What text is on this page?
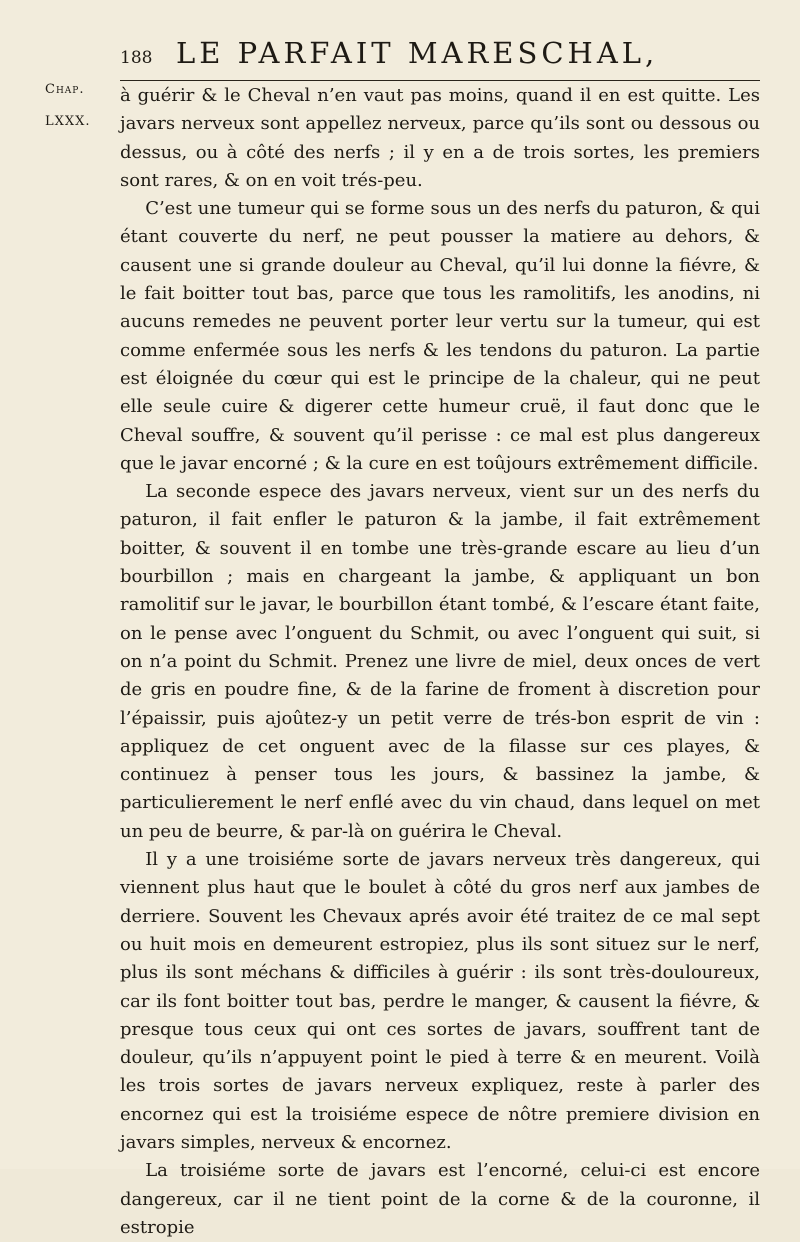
188 LE PARFAIT MARESCHAL,
Chap.
LXXX.

à guérir & le Cheval n’en vaut pas moins, quand il en est quitte. Les javars nerveux sont appellez nerveux, parce qu’ils sont ou dessous ou dessus, ou à côté des nerfs ; il y en a de trois sortes, les premiers sont rares, & on en voit trés-peu.

C’est une tumeur qui se forme sous un des nerfs du paturon, & qui étant couverte du nerf, ne peut pousser la matiere au dehors, & causent une si grande douleur au Cheval, qu’il lui donne la fiévre, & le fait boitter tout bas, parce que tous les ramolitifs, les anodins, ni aucuns remedes ne peuvent porter leur vertu sur la tumeur, qui est comme enfermée sous les nerfs & les tendons du paturon. La partie est éloignée du cœur qui est le principe de la chaleur, qui ne peut elle seule cuire & digerer cette humeur cruë, il faut donc que le Cheval souffre, & souvent qu’il perisse : ce mal est plus dangereux que le javar encorné ; & la cure en est toûjours extrêmement difficile.

La seconde espece des javars nerveux, vient sur un des nerfs du paturon, il fait enfler le paturon & la jambe, il fait extrêmement boitter, & souvent il en tombe une très-grande escare au lieu d’un bourbillon ; mais en chargeant la jambe, & appliquant un bon ramolitif sur le javar, le bourbillon étant tombé, & l’escare étant faite, on le pense avec l’onguent du Schmit, ou avec l’onguent qui suit, si on n’a point du Schmit. Prenez une livre de miel, deux onces de vert de gris en poudre fine, & de la farine de froment à discretion pour l’épaissir, puis ajoûtez-y un petit verre de trés-bon esprit de vin : appliquez de cet onguent avec de la filasse sur ces playes, & continuez à penser tous les jours, & bassinez la jambe, & particulierement le nerf enflé avec du vin chaud, dans lequel on met un peu de beurre, & par-là on guérira le Cheval.

Il y a une troisiéme sorte de javars nerveux très dangereux, qui viennent plus haut que le boulet à côté du gros nerf aux jambes de derriere. Souvent les Chevaux aprés avoir été traitez de ce mal sept ou huit mois en demeurent estropiez, plus ils sont situez sur le nerf, plus ils sont méchans & difficiles à guérir : ils sont très-douloureux, car ils font boitter tout bas, perdre le manger, & causent la fiévre, & presque tous ceux qui ont ces sortes de javars, souffrent tant de douleur, qu’ils n’appuyent point le pied à terre & en meurent. Voilà les trois sortes de javars nerveux expliquez, reste à parler des encornez qui est la troisiéme espece de nôtre premiere division en javars simples, nerveux & encornez.

La troisiéme sorte de javars est l’encorné, celui-ci est encore dangereux, car il ne tient point de la corne & de la couronne, il estropie
